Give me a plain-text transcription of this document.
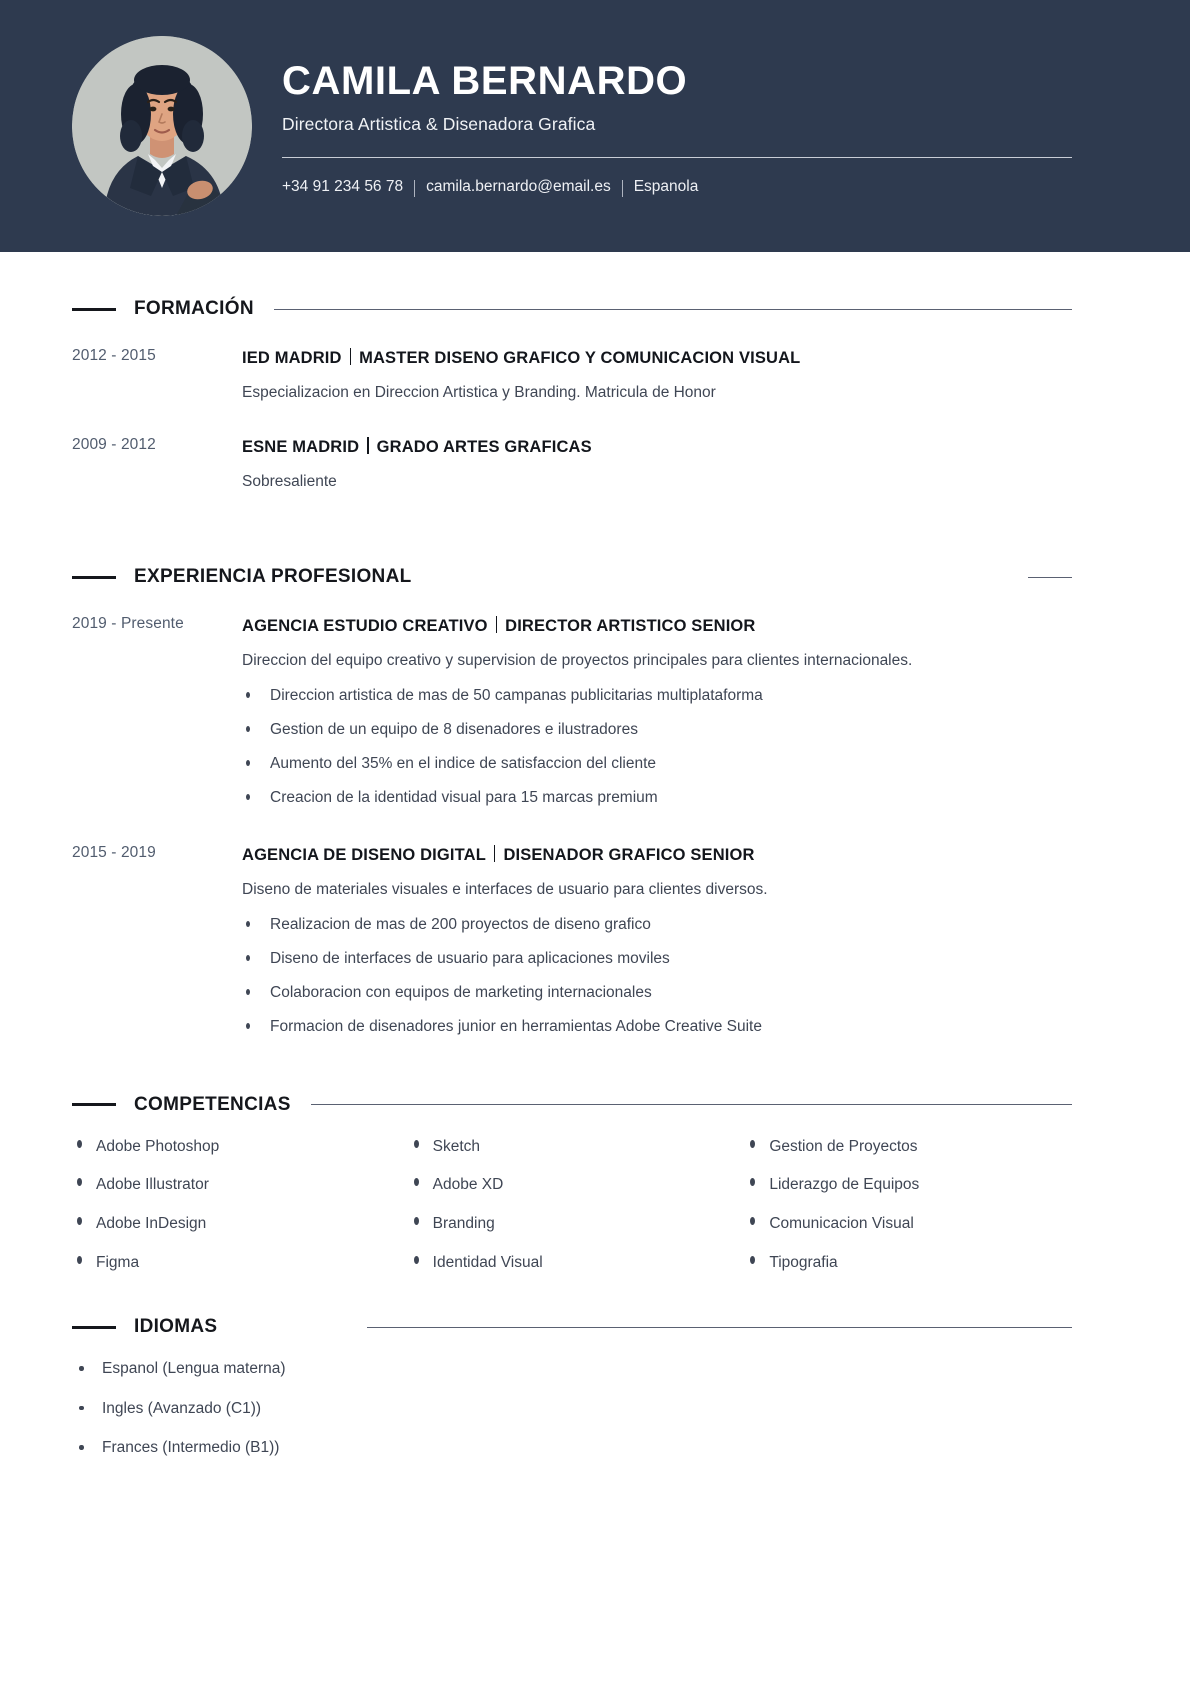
CAMILA BERNARDO
Directora Artistica & Disenadora Grafica
+34 91 234 56 78 camila.bernardo@email.es Espanola
FORMACIÓN
2012 - 2015	IED MADRID MASTER DISENO GRAFICO Y COMUNICACION VISUAL
Especializacion en Direccion Artistica y Branding. Matricula de Honor
2009 - 2012	ESNE MADRID GRADO ARTES GRAFICAS
Sobresaliente
EXPERIENCIA PROFESIONAL
2019 - Presente	AGENCIA ESTUDIO CREATIVO DIRECTOR ARTISTICO SENIOR
Direccion del equipo creativo y supervision de proyectos principales para clientes internacionales.
Direccion artistica de mas de 50 campanas publicitarias multiplataforma
Gestion de un equipo de 8 disenadores e ilustradores
Aumento del 35% en el indice de satisfaccion del cliente
Creacion de la identidad visual para 15 marcas premium
2015 - 2019	AGENCIA DE DISENO DIGITAL DISENADOR GRAFICO SENIOR
Diseno de materiales visuales e interfaces de usuario para clientes diversos.
Realizacion de mas de 200 proyectos de diseno grafico
Diseno de interfaces de usuario para aplicaciones moviles
Colaboracion con equipos de marketing internacionales
Formacion de disenadores junior en herramientas Adobe Creative Suite
COMPETENCIAS
Adobe Photoshop
Adobe Illustrator
Adobe InDesign
Figma
Sketch
Adobe XD
Branding
Identidad Visual
Gestion de Proyectos
Liderazgo de Equipos
Comunicacion Visual
Tipografia
IDIOMAS
Espanol (Lengua materna)
Ingles (Avanzado (C1))
Frances (Intermedio (B1))
